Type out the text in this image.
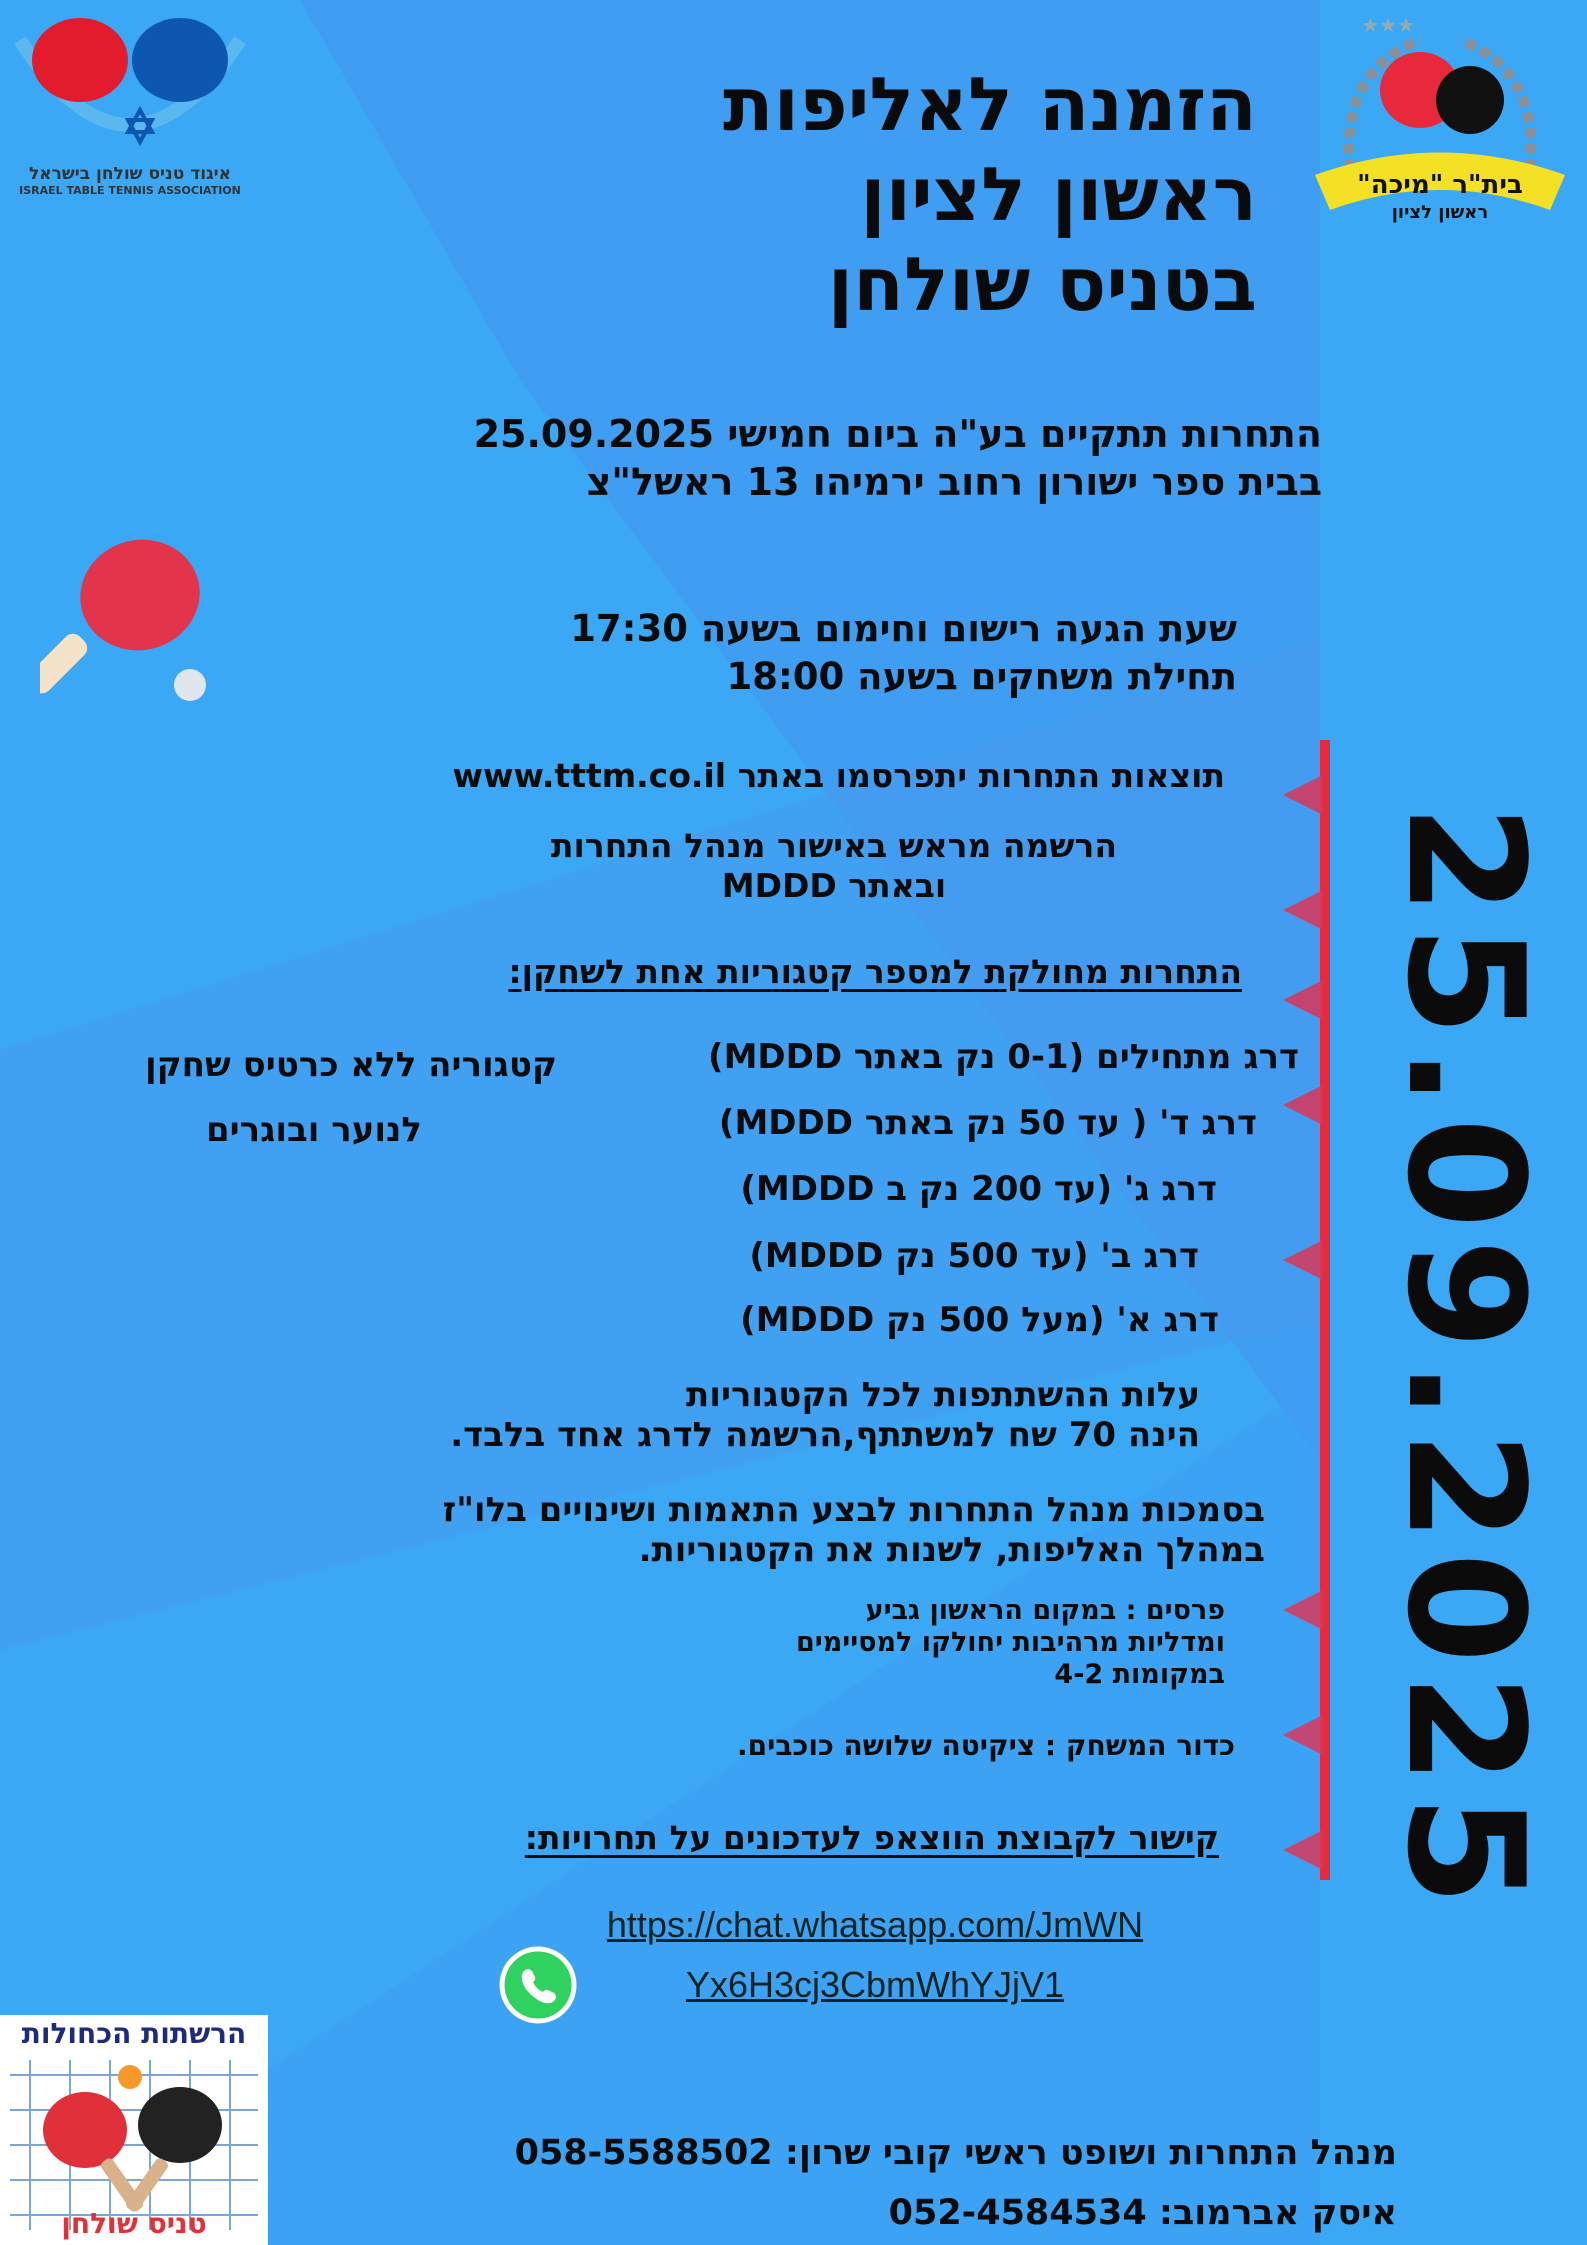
איגוד טניס שולחן בישראל
ISRAEL TABLE TENNIS ASSOCIATION
★★★
בית"ר "מיכה"
ראשון לציון
הזמנה לאליפות
ראשון לציון
בטניס שולחן
התחרות תתקיים בע"ה ביום חמישי 25.09.2025
בבית ספר ישורון רחוב ירמיהו 13 ראשל"צ
שעת הגעה רישום וחימום בשעה 17:30
תחילת משחקים בשעה 18:00
תוצאות התחרות יתפרסמו באתר www.tttm.co.il
הרשמה מראש באישור מנהל התחרות
ובאתר MDDD
התחרות מחולקת למספר קטגוריות אחת לשחקן:
דרג מתחילים (0-1 נק באתר MDDD)
דרג ד' ( עד 50 נק באתר MDDD)
דרג ג' (עד 200 נק ב MDDD)
דרג ב' (עד 500 נק MDDD)
דרג א' (מעל 500 נק MDDD)
קטגוריה ללא כרטיס שחקן
לנוער ובוגרים
עלות ההשתתפות לכל הקטגוריות
הינה 70 שח למשתתף,הרשמה לדרג אחד בלבד.
בסמכות מנהל התחרות לבצע התאמות ושינויים בלו"ז
במהלך האליפות, לשנות את הקטגוריות.
פרסים : במקום הראשון גביע
ומדליות מרהיבות יחולקו למסיימים
במקומות 4-2
כדור המשחק : ציקיטה שלושה כוכבים.
קישור לקבוצת הווצאפ לעדכונים על תחרויות:
https://chat.whatsapp.com/JmWN
Yx6H3cj3CbmWhYJjV1
25.09.2025
הרשתות הכחולות
טניס שולחן
מנהל התחרות ושופט ראשי קובי שרון: 058-5588502
איסק אברמוב: 052-4584534
